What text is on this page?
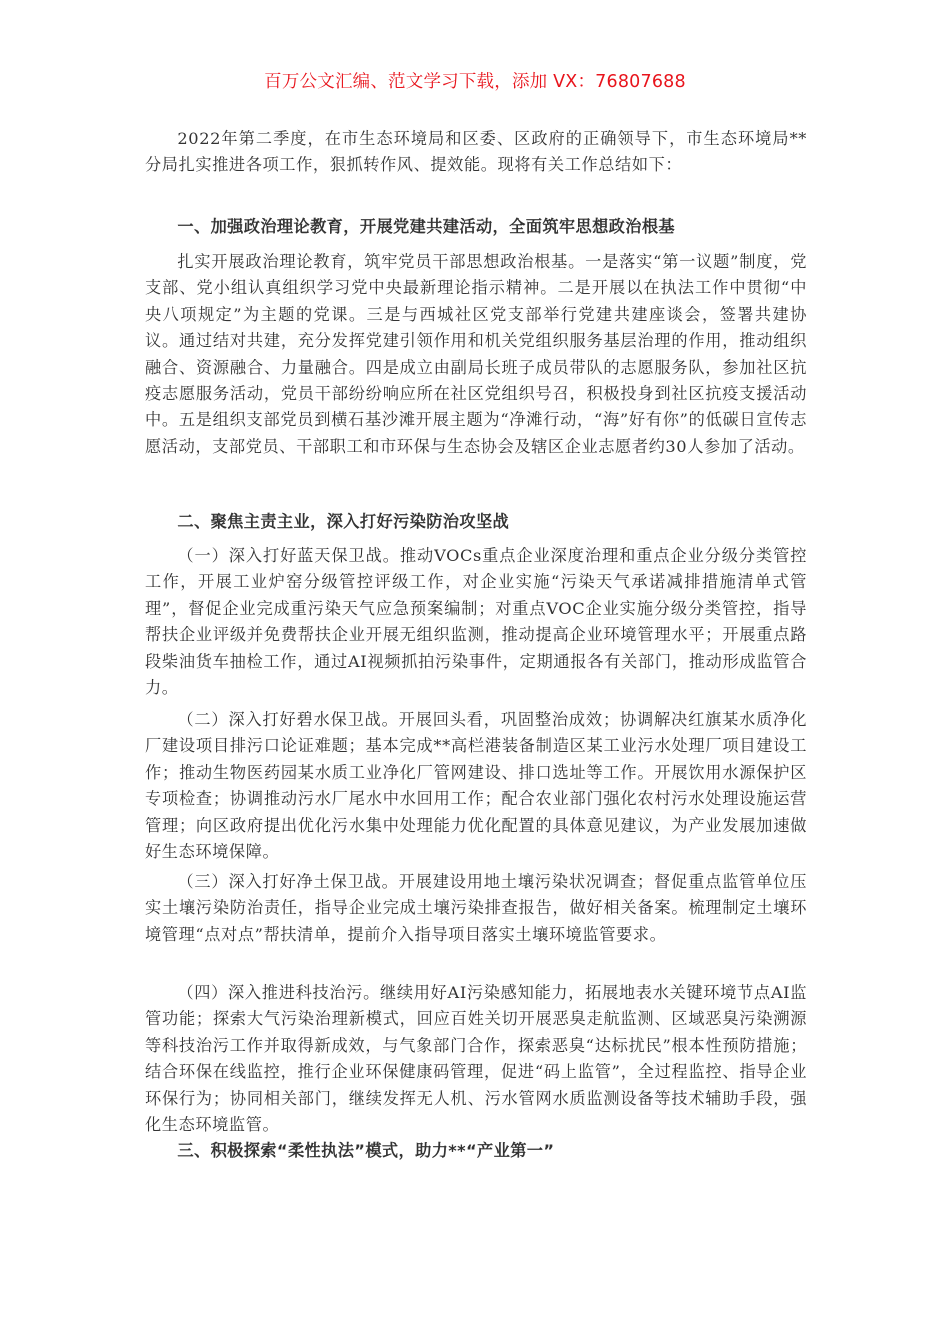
百万公文汇编、范文学习下载，添加 VX：76807688

2022年第二季度，在市生态环境局和区委、区政府的正确领导下，市生态环境局**分局扎实推进各项工作，狠抓转作风、提效能。现将有关工作总结如下：

一、加强政治理论教育，开展党建共建活动，全面筑牢思想政治根基

扎实开展政治理论教育，筑牢党员干部思想政治根基。一是落实“第一议题”制度，党支部、党小组认真组织学习党中央最新理论指示精神。二是开展以在执法工作中贯彻“中央八项规定”为主题的党课。三是与西城社区党支部举行党建共建座谈会，签署共建协议。通过结对共建，充分发挥党建引领作用和机关党组织服务基层治理的作用，推动组织融合、资源融合、力量融合。四是成立由副局长班子成员带队的志愿服务队，参加社区抗疫志愿服务活动，党员干部纷纷响应所在社区党组织号召，积极投身到社区抗疫支援活动中。五是组织支部党员到横石基沙滩开展主题为“净滩行动，“海”好有你”的低碳日宣传志愿活动，支部党员、干部职工和市环保与生态协会及辖区企业志愿者约30人参加了活动。

二、聚焦主责主业，深入打好污染防治攻坚战

（一）深入打好蓝天保卫战。推动VOCs重点企业深度治理和重点企业分级分类管控工作，开展工业炉窑分级管控评级工作，对企业实施“污染天气承诺减排措施清单式管理”，督促企业完成重污染天气应急预案编制；对重点VOC企业实施分级分类管控，指导帮扶企业评级并免费帮扶企业开展无组织监测，推动提高企业环境管理水平；开展重点路段柴油货车抽检工作，通过AI视频抓拍污染事件，定期通报各有关部门，推动形成监管合力。

（二）深入打好碧水保卫战。开展回头看，巩固整治成效；协调解决红旗某水质净化厂建设项目排污口论证难题；基本完成**高栏港装备制造区某工业污水处理厂项目建设工作；推动生物医药园某水质工业净化厂管网建设、排口选址等工作。开展饮用水源保护区专项检查；协调推动污水厂尾水中水回用工作；配合农业部门强化农村污水处理设施运营管理；向区政府提出优化污水集中处理能力优化配置的具体意见建议，为产业发展加速做好生态环境保障。

（三）深入打好净土保卫战。开展建设用地土壤污染状况调查；督促重点监管单位压实土壤污染防治责任，指导企业完成土壤污染排查报告，做好相关备案。梳理制定土壤环境管理“点对点”帮扶清单，提前介入指导项目落实土壤环境监管要求。

（四）深入推进科技治污。继续用好AI污染感知能力，拓展地表水关键环境节点AI监管功能；探索大气污染治理新模式，回应百姓关切开展恶臭走航监测、区域恶臭污染溯源等科技治污工作并取得新成效，与气象部门合作，探索恶臭“达标扰民”根本性预防措施；结合环保在线监控，推行企业环保健康码管理，促进“码上监管”，全过程监控、指导企业环保行为；协同相关部门，继续发挥无人机、污水管网水质监测设备等技术辅助手段，强化生态环境监管。

三、积极探索“柔性执法”模式，助力**“产业第一”
